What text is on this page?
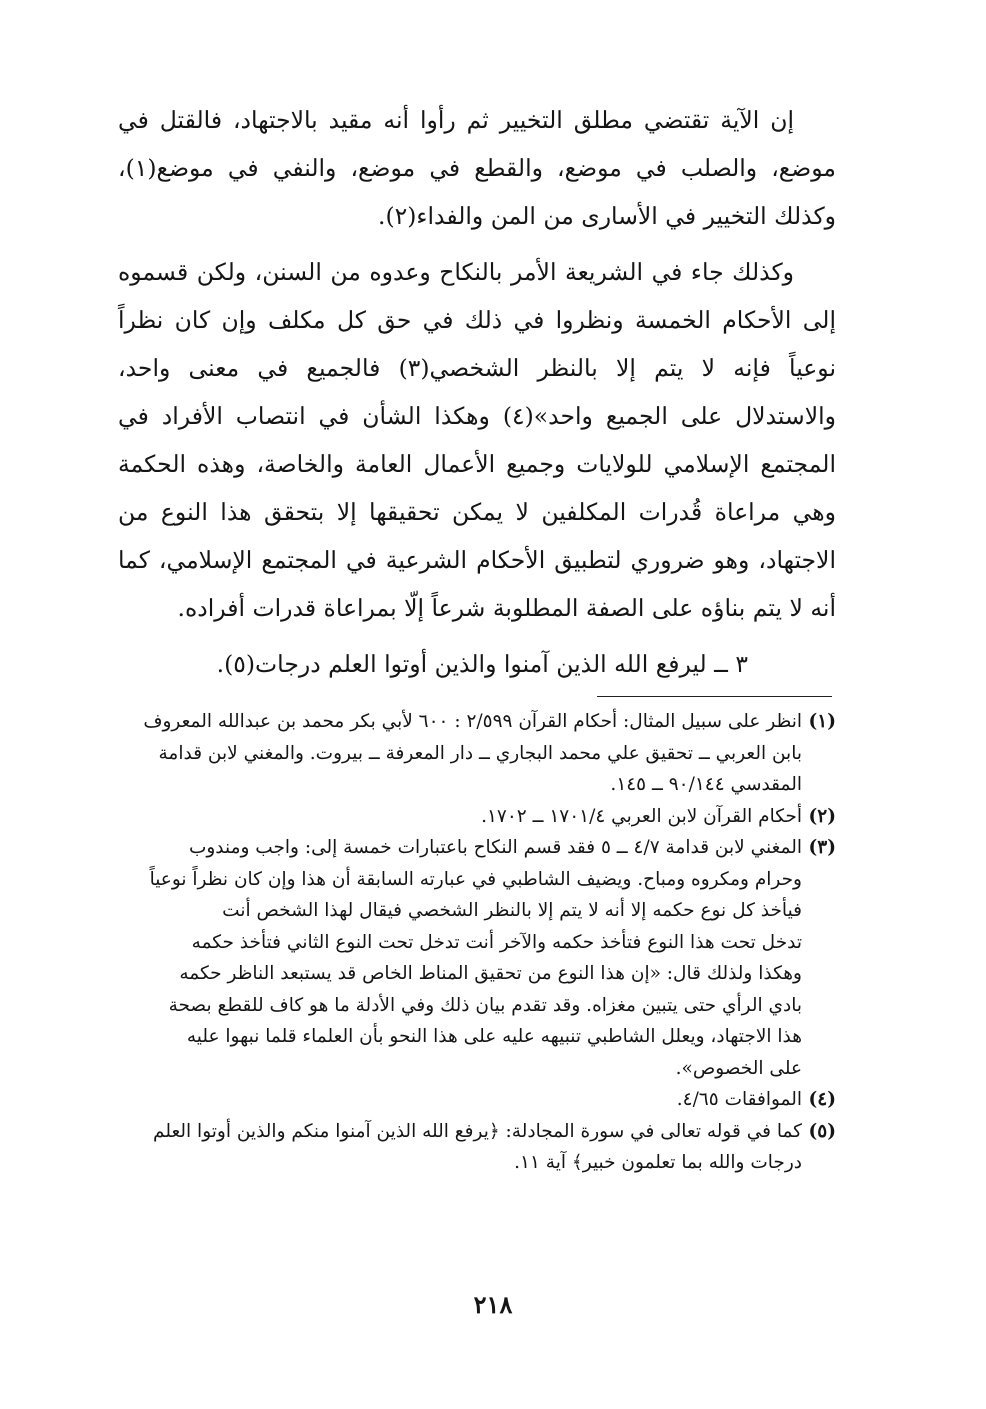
إن الآية تقتضي مطلق التخيير ثم رأوا أنه مقيد بالاجتهاد، فالقتل في موضع، والصلب في موضع، والقطع في موضع، والنفي في موضع(١)، وكذلك التخيير في الأسارى من المن والفداء(٢).

وكذلك جاء في الشريعة الأمر بالنكاح وعدوه من السنن، ولكن قسموه إلى الأحكام الخمسة ونظروا في ذلك في حق كل مكلف وإن كان نظراً نوعياً فإنه لا يتم إلا بالنظر الشخصي(٣) فالجميع في معنى واحد، والاستدلال على الجميع واحد»(٤) وهكذا الشأن في انتصاب الأفراد في المجتمع الإسلامي للولايات وجميع الأعمال العامة والخاصة، وهذه الحكمة وهي مراعاة قُدرات المكلفين لا يمكن تحقيقها إلا بتحقق هذا النوع من الاجتهاد، وهو ضروري لتطبيق الأحكام الشرعية في المجتمع الإسلامي، كما أنه لا يتم بناؤه على الصفة المطلوبة شرعاً إلّا بمراعاة قدرات أفراده.

٣ ــ ليرفع الله الذين آمنوا والذين أوتوا العلم درجات(٥).

(١)
انظر على سبيل المثال: أحكام القرآن ٢/٥٩٩ : ٦٠٠ لأبي بكر محمد بن عبدالله المعروف
بابن العربي ــ تحقيق علي محمد البجاري ــ دار المعرفة ــ بيروت. والمغني لابن قدامة
المقدسي ٩٠/١٤٤ ــ ١٤٥.
(٢)
أحكام القرآن لابن العربي ١٧٠١/٤ ــ ١٧٠٢.
(٣)
المغني لابن قدامة ٤/٧ ــ ٥ فقد قسم النكاح باعتبارات خمسة إلى: واجب ومندوب
وحرام ومكروه ومباح. ويضيف الشاطبي في عبارته السابقة أن هذا وإن كان نظراً نوعياً
فيأخذ كل نوع حكمه إلا أنه لا يتم إلا بالنظر الشخصي فيقال لهذا الشخص أنت
تدخل تحت هذا النوع فتأخذ حكمه والآخر أنت تدخل تحت النوع الثاني فتأخذ حكمه
وهكذا ولذلك قال: «إن هذا النوع من تحقيق المناط الخاص قد يستبعد الناظر حكمه
بادي الرأي حتى يتبين مغزاه. وقد تقدم بيان ذلك وفي الأدلة ما هو كاف للقطع بصحة
هذا الاجتهاد، ويعلل الشاطبي تنبيهه عليه على هذا النحو بأن العلماء قلما نبهوا عليه
على الخصوص».
(٤)
الموافقات ٤/٦٥.
(٥)
كما في قوله تعالى في سورة المجادلة: ﴿يرفع الله الذين آمنوا منكم والذين أوتوا العلم
درجات والله بما تعلمون خبير﴾ آية ١١.
٢١٨
